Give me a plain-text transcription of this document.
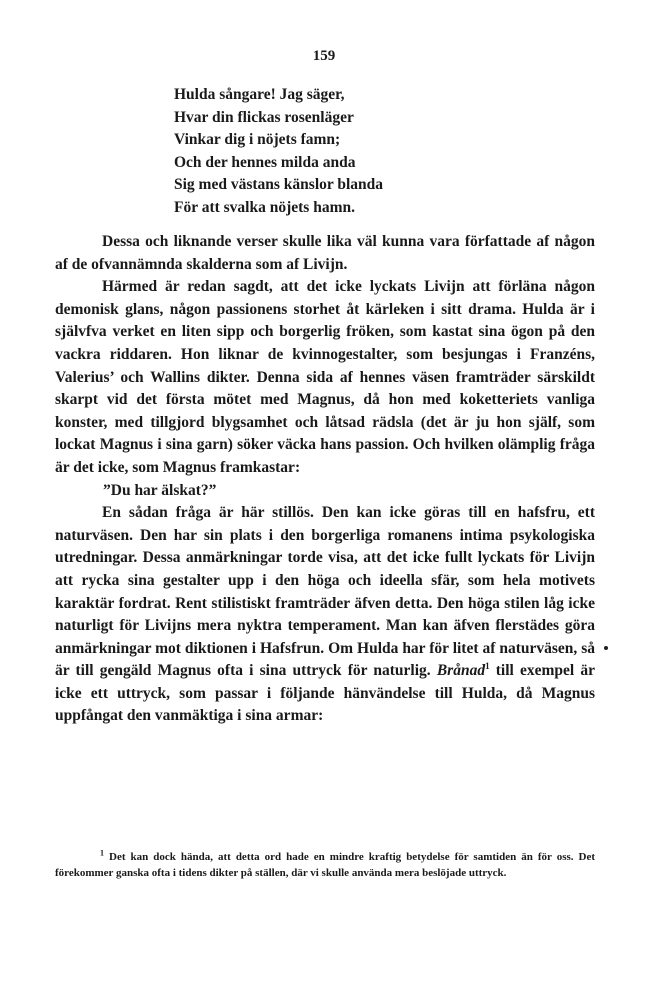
159
Hulda sångare! Jag säger,
Hvar din flickas rosenläger
Vinkar dig i nöjets famn;
Och der hennes milda anda
Sig med västans känslor blanda
För att svalka nöjets hamn.

Dessa och liknande verser skulle lika väl kunna vara författade af någon af de ofvannämnda skalderna som af Livijn.

Härmed är redan sagdt, att det icke lyckats Livijn att förläna någon demonisk glans, någon passionens storhet åt kärleken i sitt drama. Hulda är i självfva verket en liten sipp och borgerlig fröken, som kastat sina ögon på den vackra riddaren. Hon liknar de kvinnogestalter, som besjungas i Franzéns, Valerius’ och Wallins dikter. Denna sida af hennes väsen framträder särskildt skarpt vid det första mötet med Magnus, då hon med koketteriets vanliga konster, med tillgjord blygsamhet och låtsad rädsla (det är ju hon själf, som lockat Magnus i sina garn) söker väcka hans passion. Och hvilken olämplig fråga är det icke, som Magnus framkastar:

”Du har älskat?”

En sådan fråga är här stillös. Den kan icke göras till en hafsfru, ett naturväsen. Den har sin plats i den borgerliga romanens intima psykologiska utredningar. Dessa anmärkningar torde visa, att det icke fullt lyckats för Livijn att rycka sina gestalter upp i den höga och ideella sfär, som hela motivets karaktär fordrat. Rent stilistiskt framträder äfven detta. Den höga stilen låg icke naturligt för Livijns mera nyktra temperament. Man kan äfven flerstädes göra anmärkningar mot diktionen i Hafsfrun. Om Hulda har för litet af naturväsen, så är till gengäld Magnus ofta i sina uttryck för naturlig. Brånad$^1$ till exempel är icke ett uttryck, som passar i följande hänvändelse till Hulda, då Magnus uppfångat den vanmäktiga i sina armar:

$^1$ Det kan dock hända, att detta ord hade en mindre kraftig betydelse för samtiden än för oss. Det förekommer ganska ofta i tidens dikter på ställen, där vi skulle använda mera beslöjade uttryck.
